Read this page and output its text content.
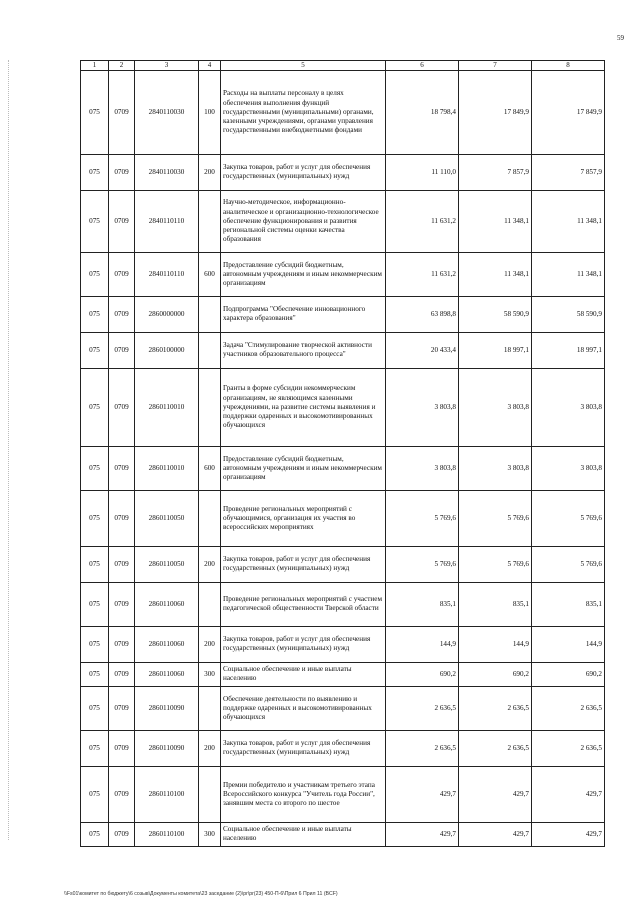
59
1	2	3	4	5	6	7	8
075	0709	2840110030	100	Расходы на выплаты персоналу в целях обеспечения выполнения функций государственными (муниципальными) органами, казенными учреждениями, органами управления государственными внебюджетными фондами	18 798,4	17 849,9	17 849,9
075	0709	2840110030	200	Закупка товаров, работ и услуг для обеспечения государственных (муниципальных) нужд	11 110,0	7 857,9	7 857,9
075	0709	2840110110		Научно-методическое, информационно-аналитическое и организационно-технологическое обеспечение функционирования и развития региональной системы оценки качества образования	11 631,2	11 348,1	11 348,1
075	0709	2840110110	600	Предоставление субсидий бюджетным, автономным учреждениям и иным некоммерческим организациям	11 631,2	11 348,1	11 348,1
075	0709	2860000000		Подпрограмма "Обеспечение инновационного характера образования"	63 898,8	58 590,9	58 590,9
075	0709	2860100000		Задача "Стимулирование творческой активности участников образовательного процесса"	20 433,4	18 997,1	18 997,1
075	0709	2860110010		Гранты в форме субсидии некоммерческим организациям, не являющимся казенными учреждениями, на развитие системы выявления и поддержки одаренных и высокомотивированных обучающихся	3 803,8	3 803,8	3 803,8
075	0709	2860110010	600	Предоставление субсидий бюджетным, автономным учреждениям и иным некоммерческим организациям	3 803,8	3 803,8	3 803,8
075	0709	2860110050		Проведение региональных мероприятий с обучающимися, организация их участия во всероссийских мероприятиях	5 769,6	5 769,6	5 769,6
075	0709	2860110050	200	Закупка товаров, работ и услуг для обеспечения государственных (муниципальных) нужд	5 769,6	5 769,6	5 769,6
075	0709	2860110060		Проведение региональных мероприятий с участием педагогической общественности Тверской области	835,1	835,1	835,1
075	0709	2860110060	200	Закупка товаров, работ и услуг для обеспечения государственных (муниципальных) нужд	144,9	144,9	144,9
075	0709	2860110060	300	Социальное обеспечение и иные выплаты населению	690,2	690,2	690,2
075	0709	2860110090		Обеспечение деятельности по выявлению и поддержке одаренных и высокомотивированных обучающихся	2 636,5	2 636,5	2 636,5
075	0709	2860110090	200	Закупка товаров, работ и услуг для обеспечения государственных (муниципальных) нужд	2 636,5	2 636,5	2 636,5
075	0709	2860110100		Премии победителю и участникам третьего этапа Всероссийского конкурса "Учитель года России", занявшим места со второго по шестое	429,7	429,7	429,7
075	0709	2860110100	300	Социальное обеспечение и иные выплаты населению	429,7	429,7	429,7
\\Fs01\комитет по бюджету\6 созыв\Документы комитета\23 заседание (2)\pr\pr(23) 450-П-6\Прил 6 Прил 11 (BCF)
